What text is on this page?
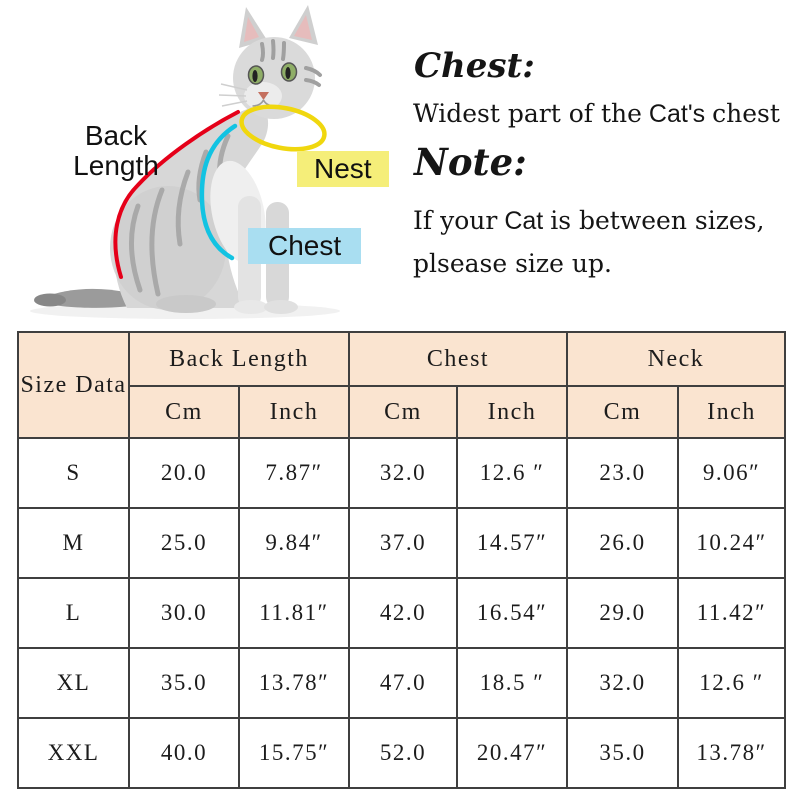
Back
Length	Nest
Chest
Chest:
Widest part of the Cat's chest
Note:
If your Cat is between sizes,
plsease size up.
Size Data	Back Length		Chest		Neck	
	Cm	Inch	Cm	Inch	Cm	Inch
S	20.0	7.87″	32.0	12.6 ″	23.0	9.06″
M	25.0	9.84″	37.0	14.57″	26.0	10.24″
L	30.0	11.81″	42.0	16.54″	29.0	11.42″
XL	35.0	13.78″	47.0	18.5 ″	32.0	12.6 ″
XXL	40.0	15.75″	52.0	20.47″	35.0	13.78″
